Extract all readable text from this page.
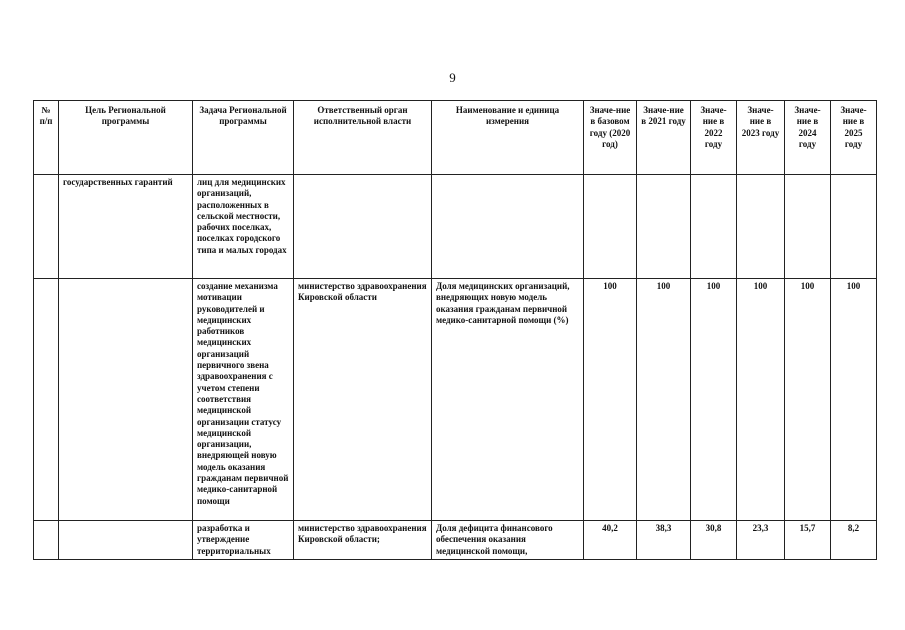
9
№ п/п	Цель Региональной программы	Задача Региональной программы	Ответственный орган исполнительной власти	Наименование и единица измерения	Значе-ние в базовом году (2020 год)	Значе-ние в 2021 году	Значе-ние в 2022 году	Значе-ние в 2023 году	Значе-ние в 2024 году	Значе-ние в 2025 году
	государственных гарантий	лиц для медицинских организаций, расположенных в сельской местности, рабочих поселках, поселках городского типа и малых городах								
		создание механизма мотивации руководителей и медицинских работников медицинских организаций первичного звена здравоохранения с учетом степени соответствия медицинской организации статусу медицинской организации, внедряющей новую модель оказания гражданам первичной медико-санитарной помощи	министерство здравоохранения Кировской области	Доля медицинских организаций, внедряющих новую модель оказания гражданам первичной медико-санитарной помощи (%)	100	100	100	100	100	100
		разработка и утверждение территориальных	министерство здравоохранения Кировской области;	Доля дефицита финансового обеспечения оказания медицинской помощи,	40,2	38,3	30,8	23,3	15,7	8,2
